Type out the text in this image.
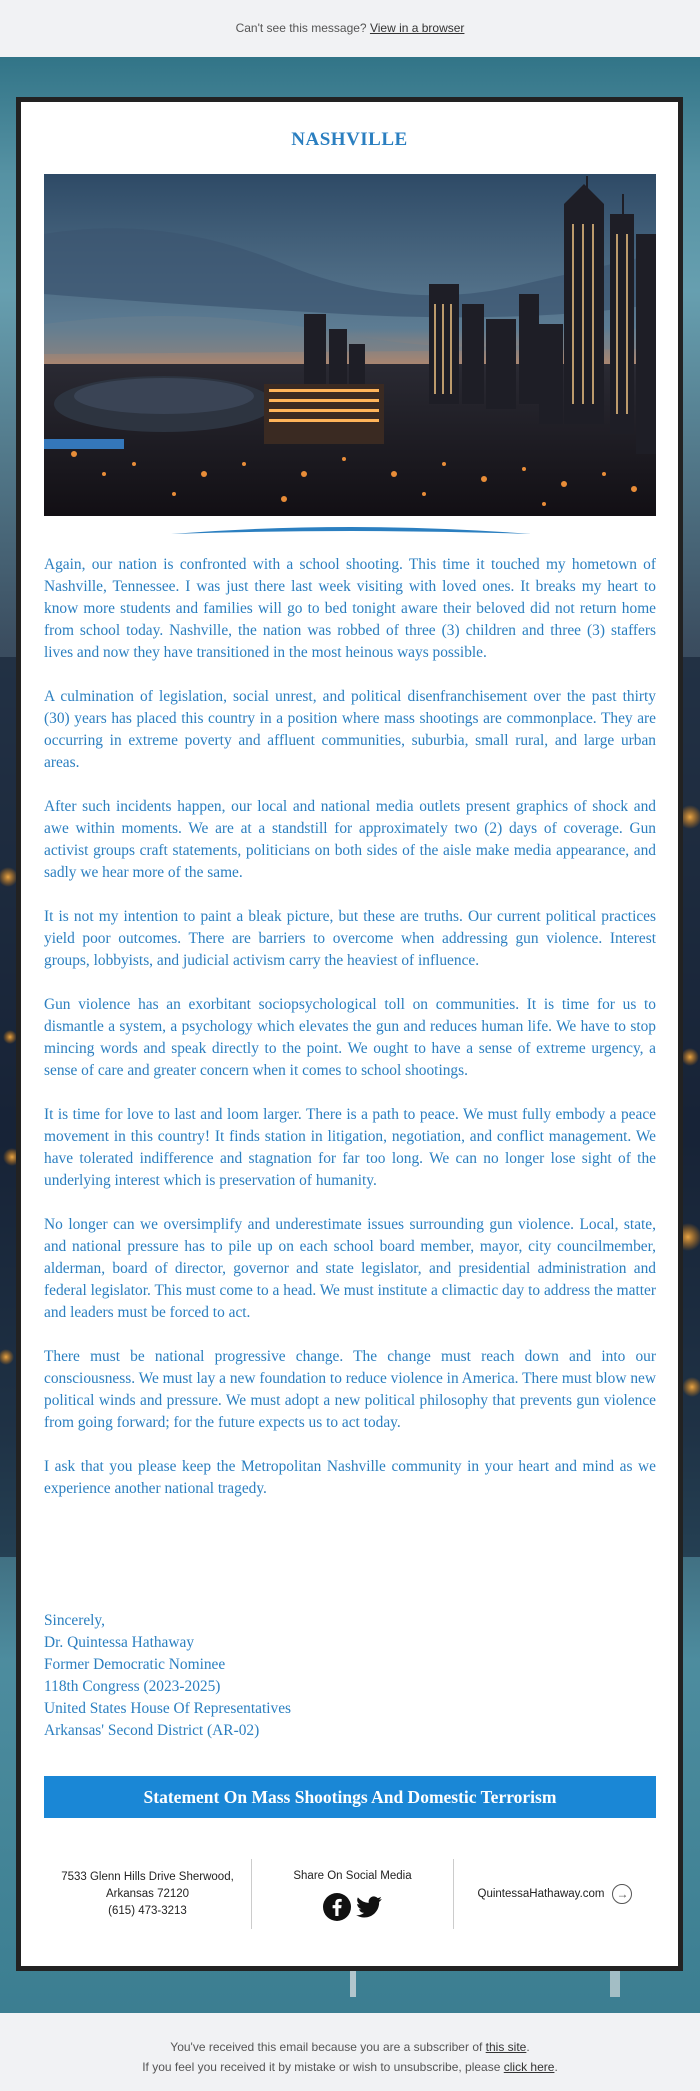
Can't see this message? View in a browser
NASHVILLE

Again, our nation is confronted with a school shooting. This time it touched my hometown of Nashville, Tennessee. I was just there last week visiting with loved ones. It breaks my heart to know more students and families will go to bed tonight aware their beloved did not return home from school today. Nashville, the nation was robbed of three (3) children and three (3) staffers lives and now they have transitioned in the most heinous ways possible.

A culmination of legislation, social unrest, and political disenfranchisement over the past thirty (30) years has placed this country in a position where mass shootings are commonplace. They are occurring in extreme poverty and affluent communities, suburbia, small rural, and large urban areas.

After such incidents happen, our local and national media outlets present graphics of shock and awe within moments. We are at a standstill for approximately two (2) days of coverage. Gun activist groups craft statements, politicians on both sides of the aisle make media appearance, and sadly we hear more of the same.

It is not my intention to paint a bleak picture, but these are truths. Our current political practices yield poor outcomes. There are barriers to overcome when addressing gun violence. Interest groups, lobbyists, and judicial activism carry the heaviest of influence.

Gun violence has an exorbitant sociopsychological toll on communities. It is time for us to dismantle a system, a psychology which elevates the gun and reduces human life. We have to stop mincing words and speak directly to the point. We ought to have a sense of extreme urgency, a sense of care and greater concern when it comes to school shootings.

It is time for love to last and loom larger. There is a path to peace. We must fully embody a peace movement in this country! It finds station in litigation, negotiation, and conflict management. We have tolerated indifference and stagnation for far too long. We can no longer lose sight of the underlying interest which is preservation of humanity.

No longer can we oversimplify and underestimate issues surrounding gun violence. Local, state, and national pressure has to pile up on each school board member, mayor, city councilmember, alderman, board of director, governor and state legislator, and presidential administration and federal legislator. This must come to a head. We must institute a climactic day to address the matter and leaders must be forced to act.

There must be national progressive change. The change must reach down and into our consciousness. We must lay a new foundation to reduce violence in America. There must blow new political winds and pressure. We must adopt a new political philosophy that prevents gun violence from going forward; for the future expects us to act today.

I ask that you please keep the Metropolitan Nashville community in your heart and mind as we experience another national tragedy.

Sincerely,
Dr. Quintessa Hathaway
Former Democratic Nominee
118th Congress (2023-2025)
United States House Of Representatives
Arkansas' Second District (AR-02)
Statement On Mass Shootings And Domestic Terrorism
7533 Glenn Hills Drive Sherwood,
Arkansas 72120
(615) 473-3213
Share On Social Media
QuintessaHathaway.com	→
You've received this email because you are a subscriber of this site.
If you feel you received it by mistake or wish to unsubscribe, please click here.
